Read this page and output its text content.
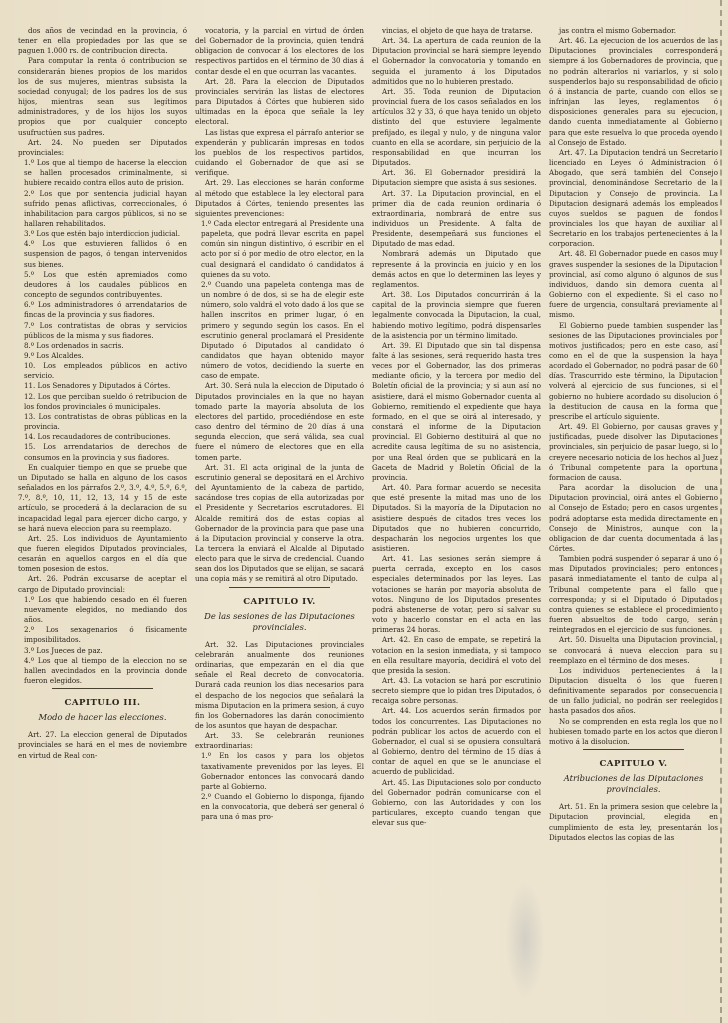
dos años de vecindad en la provincia, ó tener en ella propiedades por las que se paguen 1.000 rs. de contribucion directa.

Para computar la renta ó contribucion se considerarán bienes propios de los maridos los de sus mujeres, mientras subsista la sociedad conyugal; de los padres los de sus hijos, mientras sean sus legítimos administradores, y de los hijos los suyos propios que por cualquier concepto usufructúen sus padres.

Art. 24. No pueden ser Diputados provinciales:

1.º Los que al tiempo de hacerse la eleccion se hallen procesados criminalmente, si hubiere recaido contra ellos auto de prision.

2.º Los que por sentencia judicial hayan sufrido penas aflictivas, correccionales, ó inhabilitacion para cargos públicos, si no se hallaren rehabilitados.

3.º Los que estén bajo interdiccion judicial.

4.º Los que estuvieren fallidos ó en suspension de pagos, ó tengan intervenidos sus bienes.

5.º Los que estén apremiados como deudores á los caudales públicos en concepto de segundos contribuyentes.

6.º Los administradores ó arrendatarios de fincas de la provincia y sus fiadores.

7.º Los contratistas de obras y servicios públicos de la misma y sus fiadores.

8.º Los ordenados in sacris.

9.º Los Alcaldes.

10. Los empleados públicos en activo servicio.

11. Los Senadores y Diputados á Córtes.

12. Los que perciban sueldo ó retribucion de los fondos provinciales ó municipales.

13. Los contratistas de obras públicas en la provincia.

14. Los recaudadores de contribuciones.

15. Los arrendatarios de derechos de consumos en la provincia y sus fiadores.

En cualquier tiempo en que se pruebe que un Diputado se halla en alguno de los casos señalados en los párrafos 2.º, 3.º, 4.º, 5.º, 6.º, 7.º, 8.º, 10, 11, 12, 13, 14 y 15 de este artículo, se procederá á la declaracion de su incapacidad legal para ejercer dicho cargo, y se hará nueva eleccion para su reemplazo.

Art. 25. Los individuos de Ayuntamiento que fueren elegidos Diputados provinciales, cesarán en aquellos cargos en el día que tomen posesion de estos.

Art. 26. Podrán excusarse de aceptar el cargo de Diputado provincial:

1.º Los que habiendo cesado en él fueren nuevamente elegidos, no mediando dos años.

2.º Los sexagenarios ó físicamente imposibilitados.

3.º Los Jueces de paz.

4.º Los que al tiempo de la eleccion no se hallen avecindados en la provincia donde fueron elegidos.

CAPITULO III.
Modo de hacer las elecciones.

Art. 27. La eleccion general de Diputados provinciales se hará en el mes de noviembre en virtud de Real con-

vocatoria, y la parcial en virtud de órden del Gobernador de la provincia, quien tendrá obligacion de convocar á los electores de los respectivos partidos en el término de 30 dias á contar desde el en que ocurran las vacantes.

Art. 28. Para la eleccion de Diputados provinciales servirán las listas de electores para Diputados á Córtes que hubieren sido ultimadas en la época que señale la ley electoral.

Las listas que expresa el párrafo anterior se expenderán y publicarán impresas en todos los pueblos de los respectivos partidos, cuidando el Gobernador de que así se verifique.

Art. 29. Las elecciones se harán conforme al método que establece la ley electoral para Diputados á Córtes, teniendo presentes las siguientes prevenciones:

1.º Cada elector entregará al Presidente una papeleta, que podrá llevar escrita en papel común sin ningun distintivo, ó escribir en el acto por sí ó por medio de otro elector, en la cual designará el candidato ó candidatos á quienes da su voto.

2.º Cuando una papeleta contenga mas de un nombre ó de dos, si se ha de elegir este número, solo valdrá el voto dado á los que se hallen inscritos en primer lugar, ó en primero y segundo según los casos. En el escrutinio general proclamará el Presidente Diputado ó Diputados al candidato ó candidatos que hayan obtenido mayor número de votos, decidiendo la suerte en caso de empate.

Art. 30. Será nula la eleccion de Diputado ó Diputados provinciales en la que no hayan tomado parte la mayoría absoluta de los electores del partido, procediéndose en este caso dentro del término de 20 días á una segunda eleccion, que será válida, sea cual fuere el número de electores que en ella tomen parte.

Art. 31. El acta original de la junta de escrutinio general se depositará en el Archivo del Ayuntamiento de la cabeza de partido, sacándose tres copias de ella autorizadas por el Presidente y Secretarios escrutadores. El Alcalde remitirá dos de estas copias al Gobernador de la provincia para que pase una á la Diputacion provincial y conserve la otra. La tercera la enviará el Alcalde al Diputado electo para que le sirva de credencial. Cuando sean dos los Diputados que se elijan, se sacará una copia más y se remitirá al otro Diputado.

CAPITULO IV.
De las sesiones de las Diputaciones provinciales.

Art. 32. Las Diputaciones provinciales celebrarán anualmente dos reuniones ordinarias, que empezarán en el dia que señale el Real decreto de convocatoria. Durará cada reunion los dias necesarios para el despacho de los negocios que señalará la misma Diputacion en la primera sesion, á cuyo fin los Gobernadores las darán conocimiento de los asuntos que hayan de despachar.

Art. 33. Se celebrarán reuniones extraordinarias:

1.º En los casos y para los objetos taxativamente prevenidos por las leyes. El Gobernador entonces las convocará dando parte al Gobierno.

2.º Cuando el Gobierno lo disponga, fijando en la convocatoria, que deberá ser general ó para una ó mas pro-

vincias, el objeto de que haya de tratarse.

Art. 34. La apertura de cada reunion de la Diputacion provincial se hará siempre leyendo el Gobernador la convocatoria y tomando en seguida el juramento á los Diputados admitidos que no lo hubieren prestado.

Art. 35. Toda reunion de Diputacion provincial fuera de los casos señalados en los artículos 32 y 33, ó que haya tenido un objeto distinto del que estuviere legalmente prefijado, es ilegal y nulo, y de ninguna valor cuanto en ella se acordare, sin perjuicio de la responsabilidad en que incurran los Diputados.

Art. 36. El Gobernador presidirá la Diputacion siempre que asista á sus sesiones.

Art. 37. La Diputacion provincial, en el primer dia de cada reunion ordinaria ó extraordinaria, nombrará de entre sus individuos un Presidente. A falta de Presidente, desempeñará sus funciones el Diputado de mas edad.

Nombrará además un Diputado que represente á la provincia en juicio y en los demás actos en que lo determinen las leyes y reglamentos.

Art. 38. Los Diputados concurrirán á la capital de la provincia siempre que fueren legalmente convocada la Diputacion, la cual, habiendo motivo legítimo, podrá dispensarles de la asistencia por un término limitado.

Art. 39. El Diputado que sin tal dispensa falte á las sesiones, será requerido hasta tres veces por el Gobernador, las dos primeras mediante oficio, y la tercera por medio del Boletín oficial de la provincia; y si aun así no asistiere, dará el mismo Gobernador cuenta al Gobierno, remitiendo el expediente que haya formado, en el que se oirá al interesado, y constará el informe de la Diputacion provincial. El Gobierno destituirá al que no acredite causa legítima de su no asistencia, por una Real órden que se publicará en la Gaceta de Madrid y Boletín Oficial de la provincia.

Art. 40. Para formar acuerdo se necesita que esté presente la mitad mas uno de los Diputados. Si la mayoría de la Diputacion no asistiere después de citados tres veces los Diputados que no hubieren concurrido, despacharán los negocios urgentes los que asistieren.

Art. 41. Las sesiones serán siempre á puerta cerrada, excepto en los casos especiales determinados por las leyes. Las votaciones se harán por mayoría absoluta de votos. Ninguno de los Diputados presentes podrá abstenerse de votar, pero sí salvar su voto y hacerlo constar en el acta en las primeras 24 horas.

Art. 42. En caso de empate, se repetirá la votacion en la sesion inmediata, y si tampoco en ella resultare mayoría, decidirá el voto del que presida la sesion.

Art. 43. La votacion se hará por escrutinio secreto siempre que lo pidan tres Diputados, ó recaiga sobre personas.

Art. 44. Los acuerdos serán firmados por todos los concurrentes. Las Diputaciones no podrán publicar los actos de acuerdo con el Gobernador, el cual si se opusiera consultará al Gobierno, dentro del término de 15 días á contar de aquel en que se le anunciase el acuerdo de publicidad.

Art. 45. Las Diputaciones solo por conducto del Gobernador podrán comunicarse con el Gobierno, con las Autoridades y con los particulares, excepto cuando tengan que elevar sus que-

jas contra el mismo Gobernador.

Art. 46. La ejecucion de los acuerdos de las Diputaciones provinciales corresponderá siempre á los Gobernadores de provincia, que no podrán alterarlos ni variarlos, y si solo suspenderlos bajo su responsabilidad de oficio ó á instancia de parte, cuando con ellos se infrinjan las leyes, reglamentos ó disposiciones generales para su ejecucion, dando cuenta inmediatamente al Gobierno para que este resuelva lo que proceda oyendo al Consejo de Estado.

Art. 47. La Diputacion tendrá un Secretario licenciado en Leyes ó Administracion ó Abogado, que será también del Consejo provincial, denominándose Secretario de la Diputacion y Consejo de provincia. La Diputacion designará además los empleados cuyos sueldos se paguen de fondos provinciales los que hayan de auxiliar al Secretario en los trabajos pertenecientes á la corporacion.

Art. 48. El Gobernador puede en casos muy graves suspender la sesiones de la Diputacion provincial, así como alguno ó algunos de sus individuos, dando sin demora cuenta al Gobierno con el expediente. Si el caso no fuere de urgencia, consultará previamente al mismo.

El Gobierno puede tambien suspender las sesiones de las Diputaciones provinciales por motivos justificados; pero en este caso, así como en el de que la suspension la haya acordado el Gobernador, no podrá pasar de 60 días. Trascurrido este término, la Diputacion volverá al ejercicio de sus funciones, si el gobierno no hubiere acordado su disolucion ó la destitucion de causa en la forma que prescribe el artículo siguiente.

Art. 49. El Gobierno, por causas graves y justificadas, puede disolver las Diputaciones provinciales, sin perjuicio de pasar luego, si lo creyere necesario noticia de los hechos al Juez ó Tribunal competente para la oportuna formacion de causa.

Para acordar la disolucion de una Diputacion provincial, oirá antes el Gobierno al Consejo de Estado; pero en casos urgentes podrá adoptarse esta medida directamente en Consejo de Ministros, aunque con la obligacion de dar cuenta documentada á las Córtes.

Tambien podrá suspender ó separar á uno ó mas Diputados provinciales; pero entonces pasará inmediatamente el tanto de culpa al Tribunal competente para el fallo que corresponda; y si el Diputado ó Diputados contra quienes se establece el procedimiento fueren absueltos de todo cargo, serán reintegrados en el ejercicio de sus funciones.

Art. 50. Disuelta una Diputacion provincial, se convocará á nueva eleccion para su reemplazo en el término de dos meses.

Los individuos pertenecientes á la Diputacion disuelta ó los que fueren definitivamente separados por consecuencia de un fallo judicial, no podrán ser reelegidos hasta pasados dos años.

No se comprenden en esta regla los que no hubiesen tomado parte en los actos que dieron motivo á la disolucion.

CAPITULO V.
Atribuciones de las Diputaciones provinciales.

Art. 51. En la primera sesion que celebre la Diputacion provincial, elegida en cumplimiento de esta ley, presentarán los Diputados electos las copias de las
